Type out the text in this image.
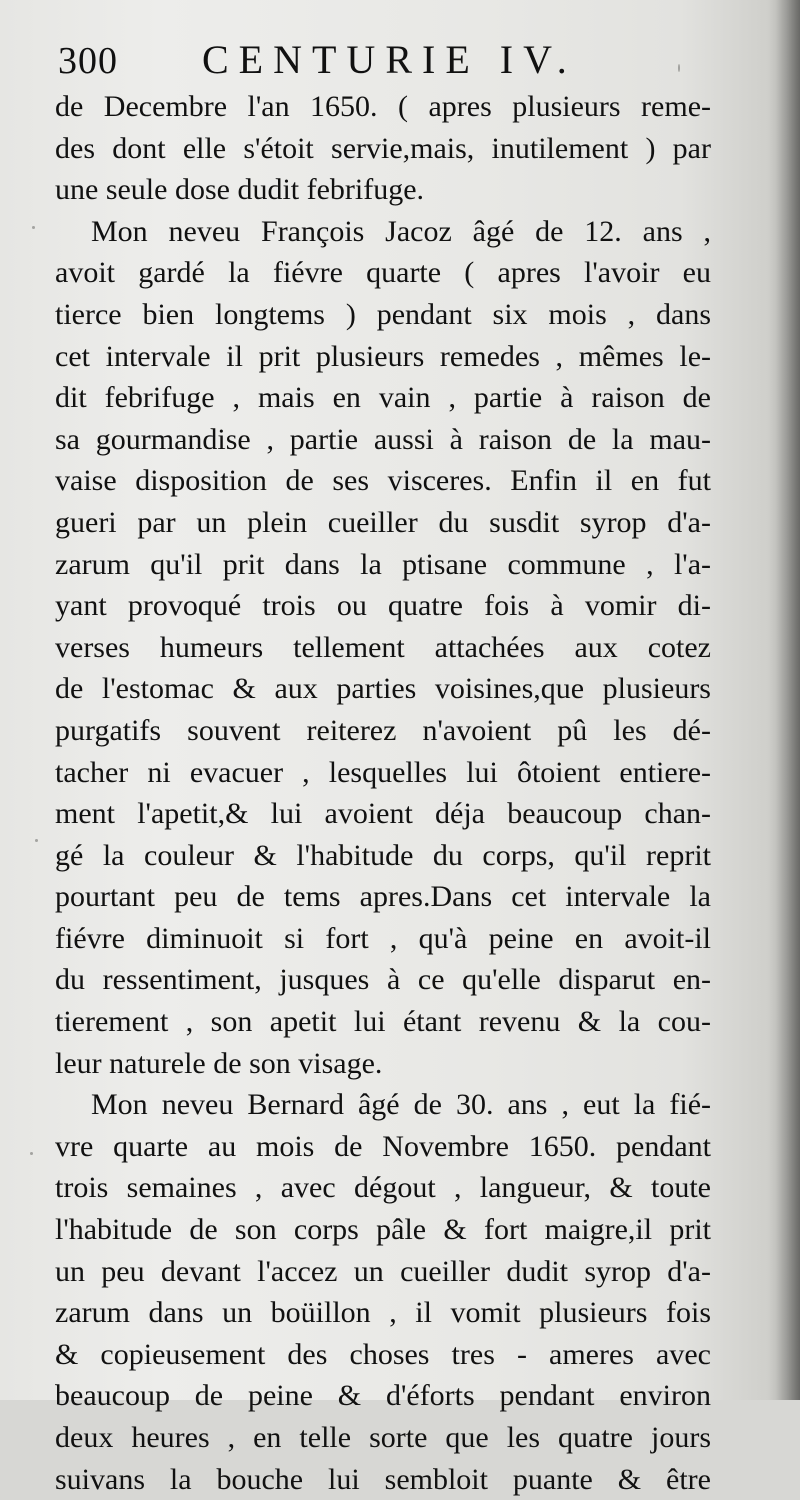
300	CENTURIE IV.
de Decembre l'an 1650. ( apres plusieurs reme-
des dont elle s'étoit servie,mais, inutilement ) par
une seule dose dudit febrifuge.
Mon neveu François Jacoz âgé de 12. ans ,
avoit gardé la fiévre quarte ( apres l'avoir eu
tierce bien longtems ) pendant six mois , dans
cet intervale il prit plusieurs remedes , mêmes le-
dit febrifuge , mais en vain , partie à raison de
sa gourmandise , partie aussi à raison de la mau-
vaise disposition de ses visceres. Enfin il en fut
gueri par un plein cueiller du susdit syrop d'a-
zarum qu'il prit dans la ptisane commune , l'a-
yant provoqué trois ou quatre fois à vomir di-
verses humeurs tellement attachées aux cotez
de l'estomac & aux parties voisines,que plusieurs
purgatifs souvent reiterez n'avoient pû les dé-
tacher ni evacuer , lesquelles lui ôtoient entiere-
ment l'apetit,& lui avoient déja beaucoup chan-
gé la couleur & l'habitude du corps, qu'il reprit
pourtant peu de tems apres.Dans cet intervale la
fiévre diminuoit si fort , qu'à peine en avoit-il
du ressentiment, jusques à ce qu'elle disparut en-
tierement , son apetit lui étant revenu & la cou-
leur naturele de son visage.
Mon neveu Bernard âgé de 30. ans , eut la fié-
vre quarte au mois de Novembre 1650. pendant
trois semaines , avec dégout , langueur, & toute
l'habitude de son corps pâle & fort maigre,il prit
un peu devant l'accez un cueiller dudit syrop d'a-
zarum dans un boüillon , il vomit plusieurs fois
& copieusement des choses tres - ameres avec
beaucoup de peine & d'éforts pendant environ
deux heures , en telle sorte que les quatre jours
suivans la bouche lui sembloit puante & être
